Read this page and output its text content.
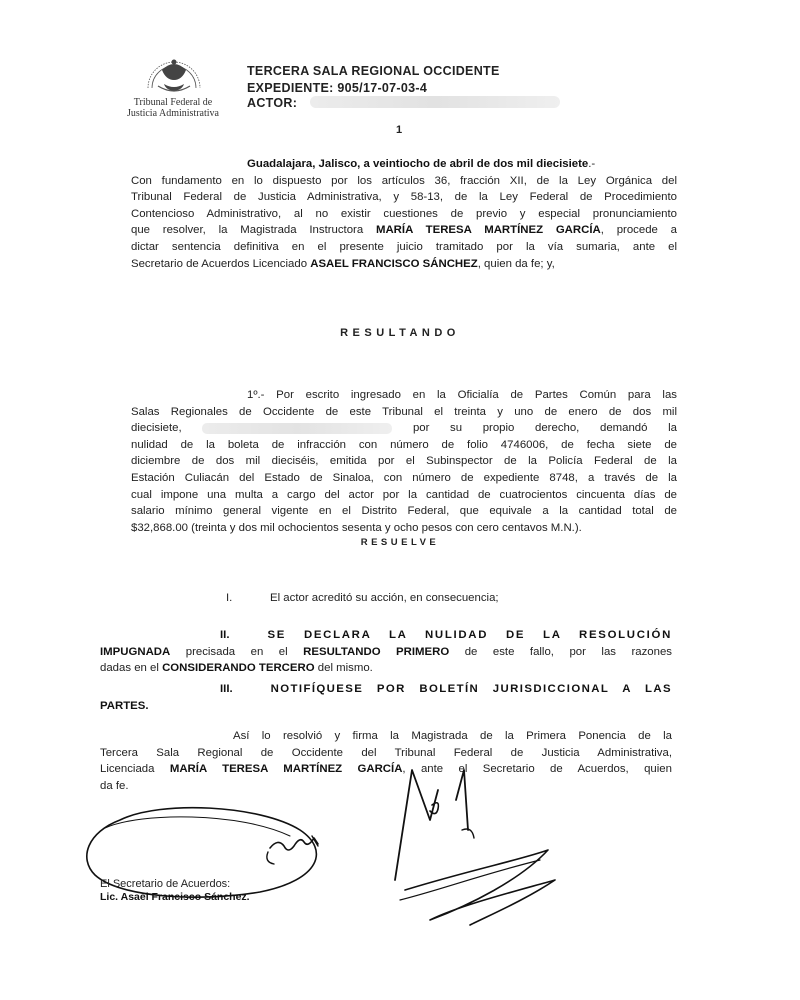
Tribunal Federal de
Justicia Administrativa
TERCERA SALA REGIONAL OCCIDENTE
EXPEDIENTE: 905/17-07-03-4
ACTOR:
1
Guadalajara, Jalisco, a veintiocho de abril de dos mil diecisiete.-
Con fundamento en lo dispuesto por los artículos 36, fracción XII, de la Ley Orgánica del
Tribunal Federal de Justicia Administrativa, y 58-13, de la Ley Federal de Procedimiento
Contencioso Administrativo, al no existir cuestiones de previo y especial pronunciamiento
que resolver, la Magistrada Instructora MARÍA TERESA MARTÍNEZ GARCÍA, procede a
dictar sentencia definitiva en el presente juicio tramitado por la vía sumaria, ante el
Secretario de Acuerdos Licenciado ASAEL FRANCISCO SÁNCHEZ, quien da fe; y,
RESULTANDO
1º.- Por escrito ingresado en la Oficialía de Partes Común para las
Salas Regionales de Occidente de este Tribunal el treinta y uno de enero de dos mil
diecisiete,	por su propio derecho, demandó la
nulidad de la boleta de infracción con número de folio 4746006, de fecha siete de
diciembre de dos mil dieciséis, emitida por el Subinspector de la Policía Federal de la
Estación Culiacán del Estado de Sinaloa, con número de expediente 8748, a través de la
cual impone una multa a cargo del actor por la cantidad de cuatrocientos cincuenta días de
salario mínimo general vigente en el Distrito Federal, que equivale a la cantidad total de
$32,868.00 (treinta y dos mil ochocientos sesenta y ocho pesos con cero centavos M.N.).
RESUELVE
I.	El actor acreditó su acción, en consecuencia;
II.	SE DECLARA LA NULIDAD DE LA RESOLUCIÓN
IMPUGNADA precisada en el RESULTANDO PRIMERO de este fallo, por las razones
dadas en el CONSIDERANDO TERCERO del mismo.
III.	NOTIFÍQUESE POR BOLETÍN JURISDICCIONAL A LAS
PARTES.
Así lo resolvió y firma la Magistrada de la Primera Ponencia de la
Tercera Sala Regional de Occidente del Tribunal Federal de Justicia Administrativa,
Licenciada MARÍA TERESA MARTÍNEZ GARCÍA, ante el Secretario de Acuerdos, quien
da fe.
El Secretario de Acuerdos:
Lic. Asael Francisco Sánchez.
